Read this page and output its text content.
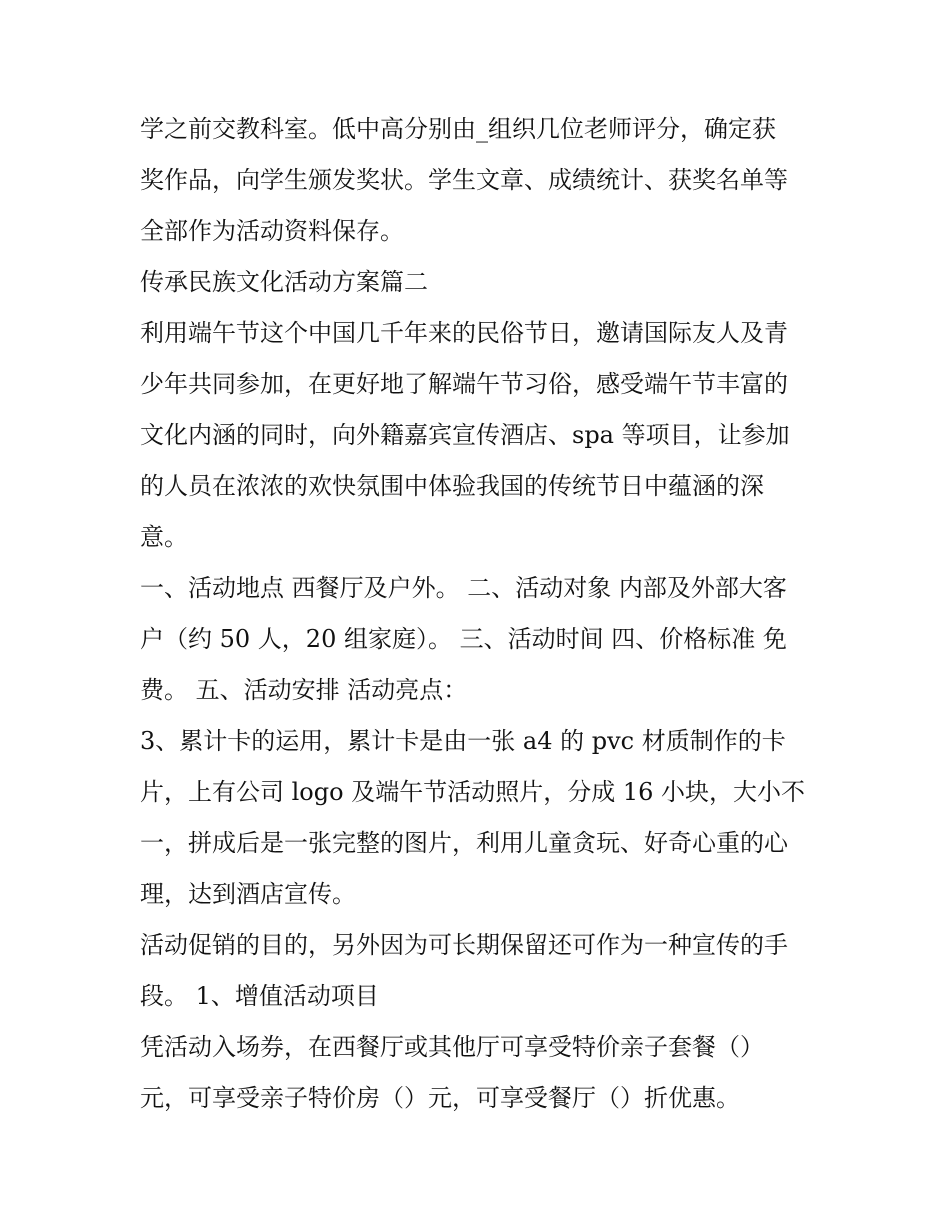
学之前交教科室。低中高分别由_组织几位老师评分，确定获
奖作品，向学生颁发奖状。学生文章、成绩统计、获奖名单等
全部作为活动资料保存。

传承民族文化活动方案篇二

利用端午节这个中国几千年来的民俗节日，邀请国际友人及青
少年共同参加，在更好地了解端午节习俗，感受端午节丰富的
文化内涵的同时，向外籍嘉宾宣传酒店、spa 等项目，让参加
的人员在浓浓的欢快氛围中体验我国的传统节日中蕴涵的深
意。

一、活动地点 西餐厅及户外。 二、活动对象 内部及外部大客
户（约 50 人，20 组家庭）。 三、活动时间 四、价格标准 免
费。 五、活动安排 活动亮点：

3、累计卡的运用，累计卡是由一张 a4 的 pvc 材质制作的卡
片，上有公司 logo 及端午节活动照片，分成 16 小块，大小不
一，拼成后是一张完整的图片，利用儿童贪玩、好奇心重的心
理，达到酒店宣传。

活动促销的目的，另外因为可长期保留还可作为一种宣传的手
段。 1、增值活动项目

凭活动入场券，在西餐厅或其他厅可享受特价亲子套餐（）
元，可享受亲子特价房（）元，可享受餐厅（）折优惠。
